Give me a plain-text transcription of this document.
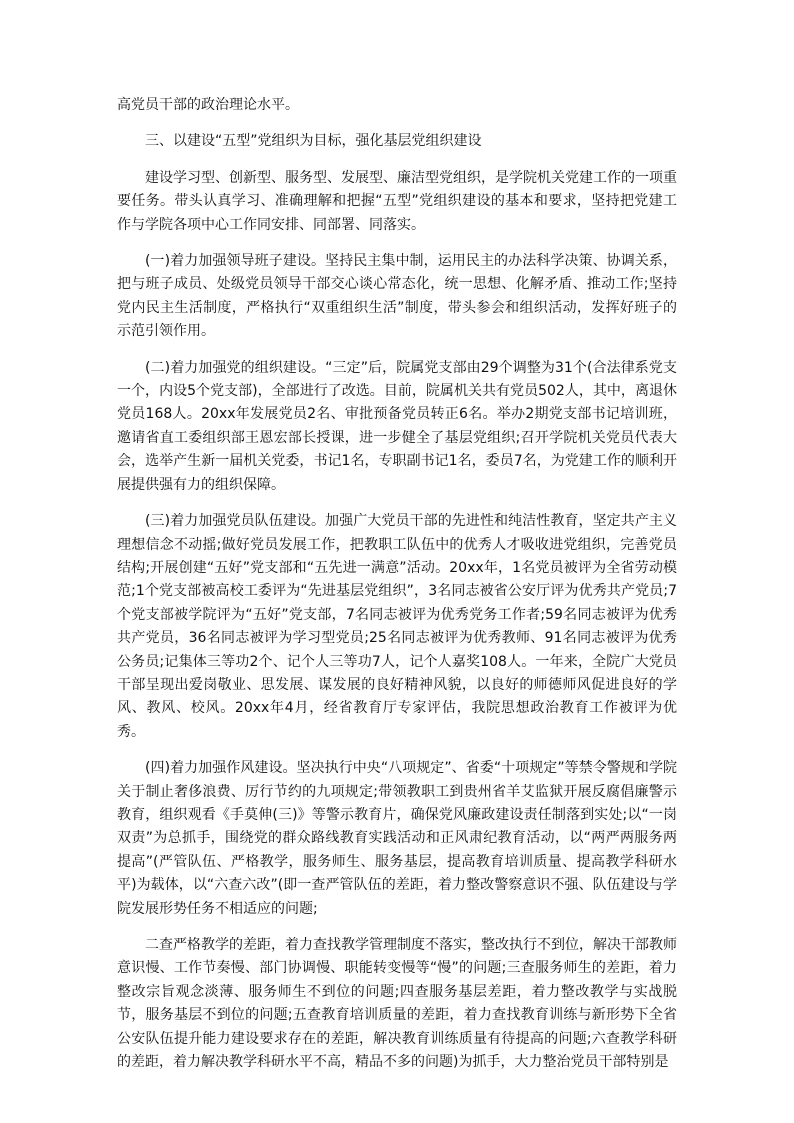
高党员干部的政治理论水平。

三、以建设“五型”党组织为目标，强化基层党组织建设

建设学习型、创新型、服务型、发展型、廉洁型党组织，是学院机关党建工作的一项重要任务。带头认真学习、准确理解和把握“五型”党组织建设的基本和要求，坚持把党建工作与学院各项中心工作同安排、同部署、同落实。

(一)着力加强领导班子建设。坚持民主集中制，运用民主的办法科学决策、协调关系，把与班子成员、处级党员领导干部交心谈心常态化，统一思想、化解矛盾、推动工作;坚持党内民主生活制度，严格执行“双重组织生活”制度，带头参会和组织活动，发挥好班子的示范引领作用。

(二)着力加强党的组织建设。“三定”后，院属党支部由29个调整为31个(合法律系党支一个，内设5个党支部)，全部进行了改选。目前，院属机关共有党员502人，其中，离退休党员168人。20xx年发展党员2名、审批预备党员转正6名。举办2期党支部书记培训班，邀请省直工委组织部王恩宏部长授课，进一步健全了基层党组织;召开学院机关党员代表大会，选举产生新一届机关党委，书记1名，专职副书记1名，委员7名，为党建工作的顺利开展提供强有力的组织保障。

(三)着力加强党员队伍建设。加强广大党员干部的先进性和纯洁性教育，坚定共产主义理想信念不动摇;做好党员发展工作，把教职工队伍中的优秀人才吸收进党组织，完善党员结构;开展创建“五好”党支部和“五先进一满意”活动。20xx年，1名党员被评为全省劳动模范;1个党支部被高校工委评为“先进基层党组织”，3名同志被省公安厅评为优秀共产党员;7个党支部被学院评为“五好”党支部，7名同志被评为优秀党务工作者;59名同志被评为优秀共产党员，36名同志被评为学习型党员;25名同志被评为优秀教师、91名同志被评为优秀公务员;记集体三等功2个、记个人三等功7人，记个人嘉奖108人。一年来，全院广大党员干部呈现出爱岗敬业、思发展、谋发展的良好精神风貌，以良好的师德师风促进良好的学风、教风、校风。20xx年4月，经省教育厅专家评估，我院思想政治教育工作被评为优秀。

(四)着力加强作风建设。坚决执行中央“八项规定”、省委“十项规定”等禁令警规和学院关于制止奢侈浪费、厉行节约的九项规定;带领教职工到贵州省羊艾监狱开展反腐倡廉警示教育，组织观看《手莫伸(三)》等警示教育片，确保党风廉政建设责任制落到实处;以“一岗双责”为总抓手，围绕党的群众路线教育实践活动和正风肃纪教育活动，以“两严两服务两提高”(严管队伍、严格教学，服务师生、服务基层，提高教育培训质量、提高教学科研水平)为载体，以“六查六改”(即一查严管队伍的差距，着力整改警察意识不强、队伍建设与学院发展形势任务不相适应的问题;

二查严格教学的差距，着力查找教学管理制度不落实，整改执行不到位，解决干部教师意识慢、工作节奏慢、部门协调慢、职能转变慢等“慢”的问题;三查服务师生的差距，着力整改宗旨观念淡薄、服务师生不到位的问题;四查服务基层差距，着力整改教学与实战脱节，服务基层不到位的问题;五查教育培训质量的差距，着力查找教育训练与新形势下全省公安队伍提升能力建设要求存在的差距，解决教育训练质量有待提高的问题;六查教学科研的差距，着力解决教学科研水平不高，精品不多的问题)为抓手，大力整治党员干部特别是
